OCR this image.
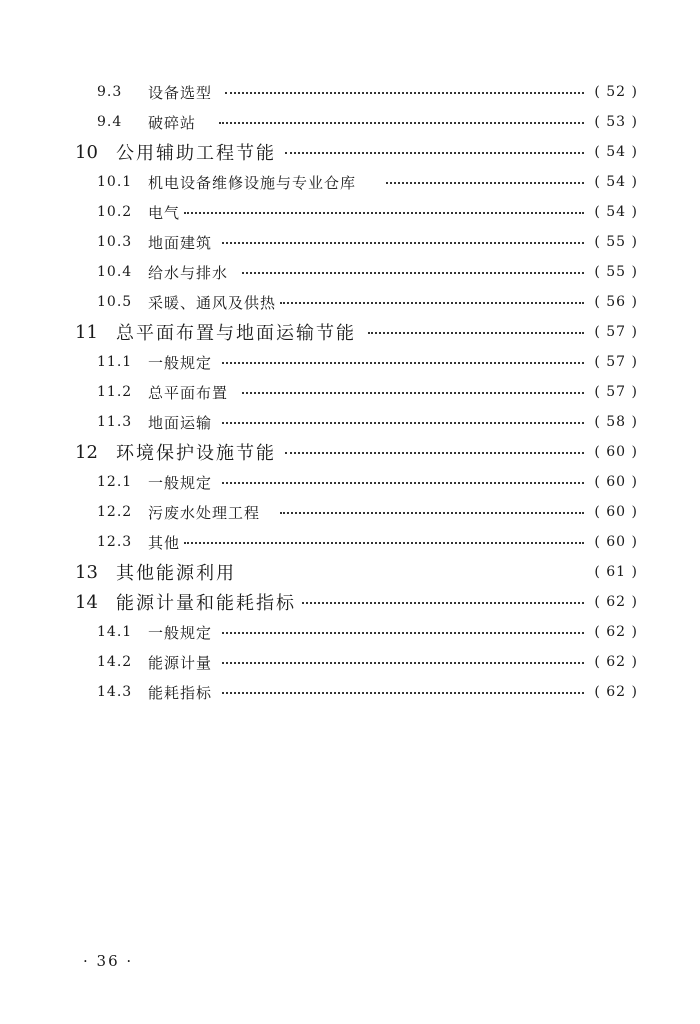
9.3 设备选型	( 52 )
9.4 破碎站	( 53 )
10 公用辅助工程节能	( 54 )
10.1 机电设备维修设施与专业仓库	( 54 )
10.2 电气	( 54 )
10.3 地面建筑	( 55 )
10.4 给水与排水	( 55 )
10.5 采暖、通风及供热	( 56 )
11 总平面布置与地面运输节能	( 57 )
11.1 一般规定	( 57 )
11.2 总平面布置	( 57 )
11.3 地面运输	( 58 )
12 环境保护设施节能	( 60 )
12.1 一般规定	( 60 )
12.2 污废水处理工程	( 60 )
12.3 其他	( 60 )
13 其他能源利用	( 61 )
14 能源计量和能耗指标	( 62 )
14.1 一般规定	( 62 )
14.2 能源计量	( 62 )
14.3 能耗指标	( 62 )
· 36 ·
